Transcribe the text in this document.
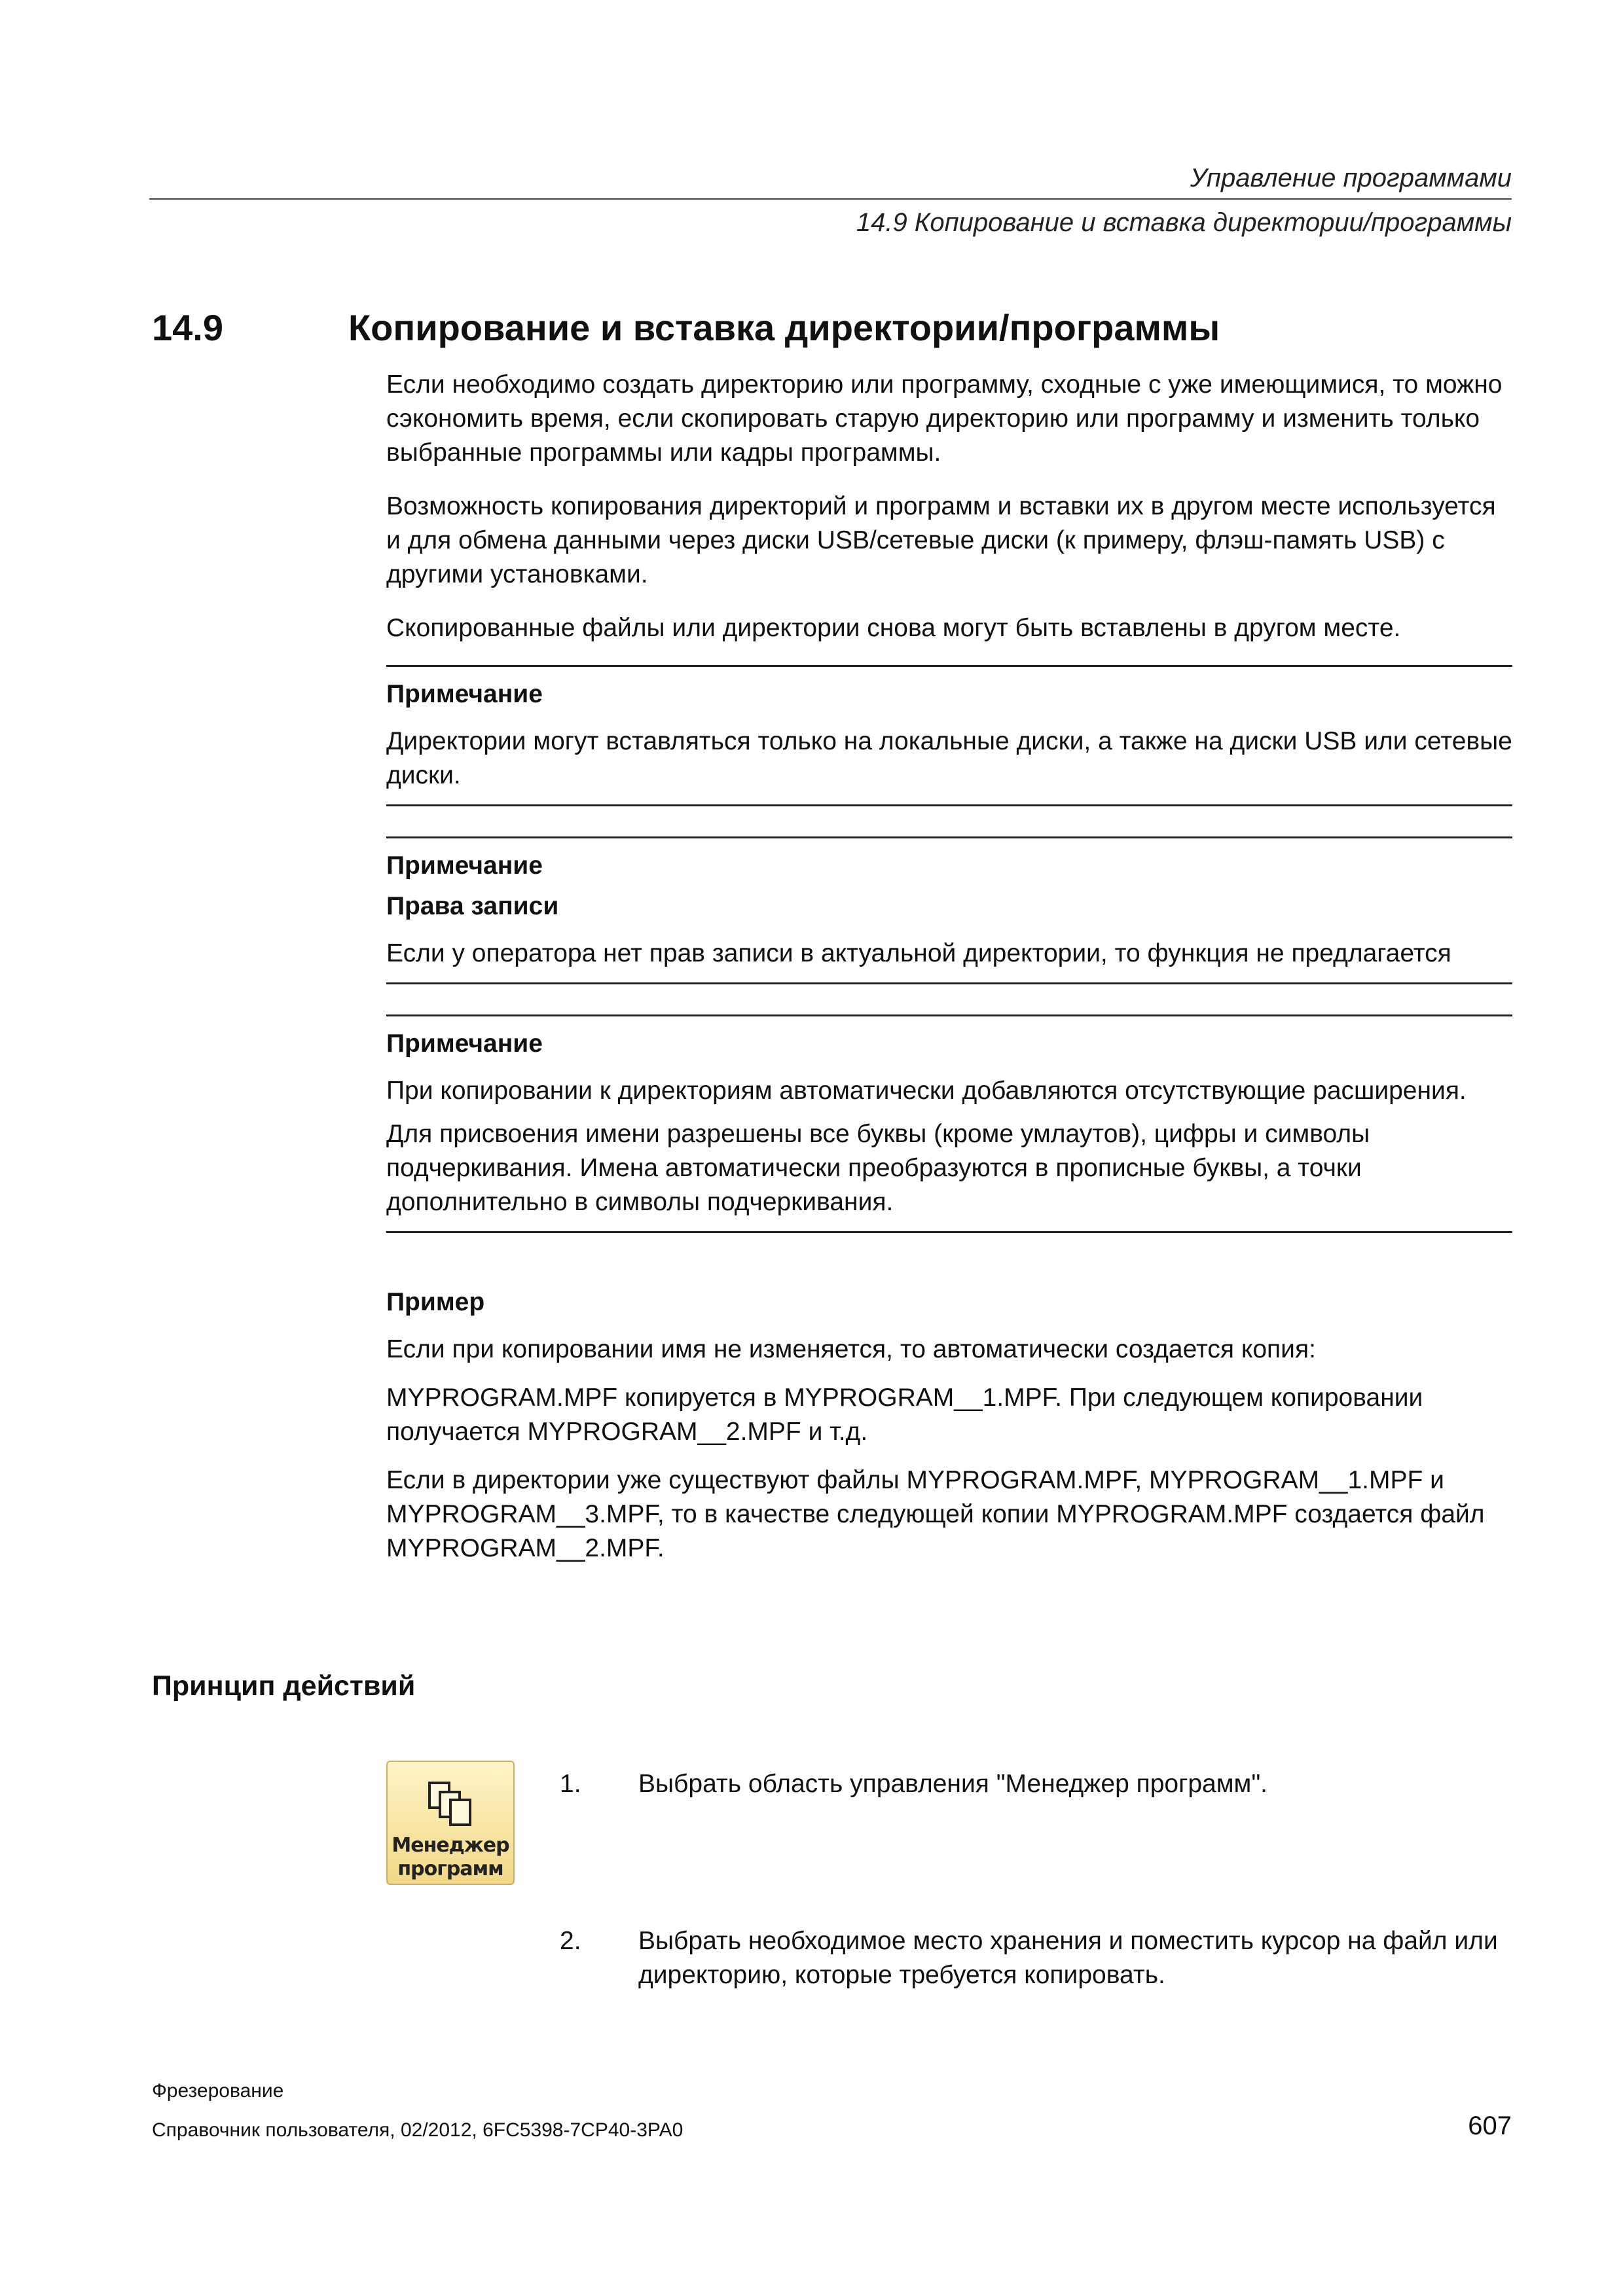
Управление программами
14.9 Копирование и вставка директории/программы
14.9	Копирование и вставка директории/программы

Если необходимо создать директорию или программу, сходные с уже имеющимися, то можно сэкономить время, если скопировать старую директорию или программу и изменить только выбранные программы или кадры программы.

Возможность копирования директорий и программ и вставки их в другом месте используется и для обмена данными через диски USB/сетевые диски (к примеру, флэш-память USB) с другими установками.

Скопированные файлы или директории снова могут быть вставлены в другом месте.

Примечание

Директории могут вставляться только на локальные диски, а также на диски USB или сетевые диски.

Примечание
Права записи

Если у оператора нет прав записи в актуальной директории, то функция не предлагается

Примечание

При копировании к директориям автоматически добавляются отсутствующие расширения.

Для присвоения имени разрешены все буквы (кроме умлаутов), цифры и символы подчеркивания. Имена автоматически преобразуются в прописные буквы, а точки дополнительно в символы подчеркивания.

Пример

Если при копировании имя не изменяется, то автоматически создается копия:

MYPROGRAM.MPF копируется в MYPROGRAM__1.MPF. При следующем копировании получается MYPROGRAM__2.MPF и т.д.

Если в директории уже существуют файлы MYPROGRAM.MPF, MYPROGRAM__1.MPF и MYPROGRAM__3.MPF, то в качестве следующей копии MYPROGRAM.MPF создается файл MYPROGRAM__2.MPF.

Принцип действий
Менеджер
программ
1. Выбрать область управления "Менеджер программ".
2. Выбрать необходимое место хранения и поместить курсор на файл или директорию, которые требуется копировать.
Фрезерование
Справочник пользователя, 02/2012, 6FC5398-7CP40-3PA0	607
